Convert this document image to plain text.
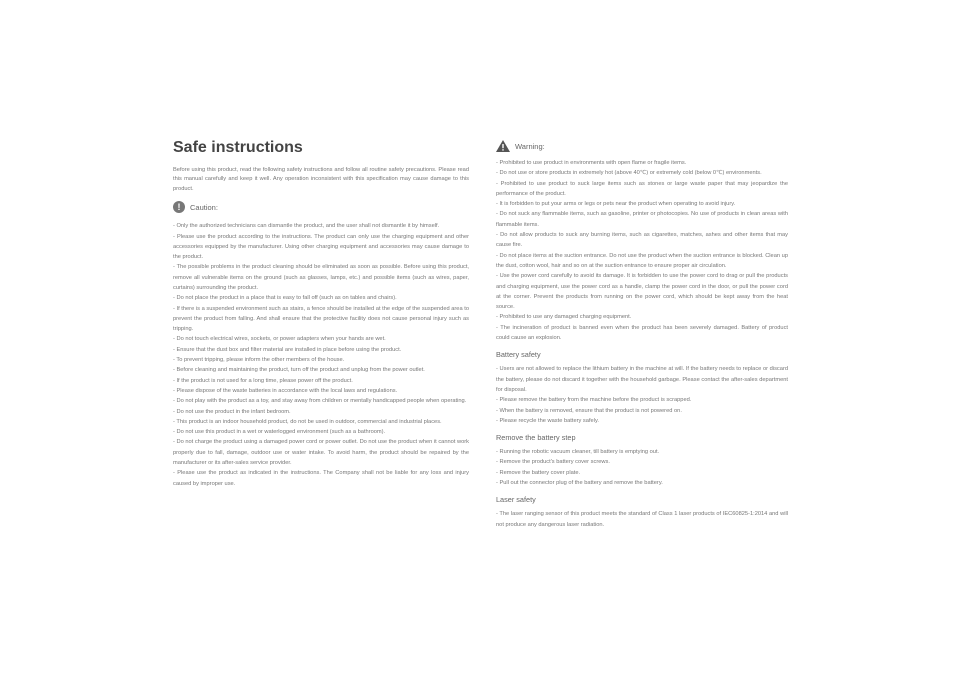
Safe instructions

Before using this product, read the following safety instructions and follow all routine safety precautions. Please read this manual carefully and keep it well. Any operation inconsistent with this specification may cause damage to this product.

!	Caution:
- Only the authorized technicians can dismantle the product, and the user shall not dismantle it by himself.
- Please use the product according to the instructions. The product can only use the charging equipment and other accessories equipped by the manufacturer. Using other charging equipment and accessories may cause damage to the product.
- The possible problems in the product cleaning should be eliminated as soon as possible. Before using this product, remove all vulnerable items on the ground (such as glasses, lamps, etc.) and possible items (such as wires, paper, curtains) surrounding the product.
- Do not place the product in a place that is easy to fall off (such as on tables and chairs).
- If there is a suspended environment such as stairs, a fence should be installed at the edge of the suspended area to prevent the product from falling. And shall ensure that the protective facility does not cause personal injury such as tripping.
- Do not touch electrical wires, sockets, or power adapters when your hands are wet.
- Ensure that the dust box and filter material are installed in place before using the product.
- To prevent tripping, please inform the other members of the house.
- Before cleaning and maintaining the product, turn off the product and unplug from the power outlet.
- If the product is not used for a long time, please power off the product.
- Please dispose of the waste batteries in accordance with the local laws and regulations.
- Do not play with the product as a toy, and stay away from children or mentally handicapped people when operating.
- Do not use the product in the infant bedroom.
- This product is an indoor household product, do not be used in outdoor, commercial and industrial places.
- Do not use this product in a wet or waterlogged environment (such as a bathroom).
- Do not charge the product using a damaged power cord or power outlet. Do not use the product when it cannot work properly due to fall, damage, outdoor use or water intake. To avoid harm, the product should be repaired by the manufacturer or its after-sales service provider.
- Please use the product as indicated in the instructions. The Company shall not be liable for any loss and injury caused by improper use.
Warning:
- Prohibited to use product in environments with open flame or fragile items.
- Do not use or store products in extremely hot (above 40℃) or extremely cold (below 0℃) environments.
- Prohibited to use product to suck large items such as stones or large waste paper that may jeopardize the performance of the product.
- It is forbidden to put your arms or legs or pets near the product when operating to avoid injury.
- Do not suck any flammable items, such as gasoline, printer or photocopies. No use of products in clean areas with flammable items.
- Do not allow products to suck any burning items, such as cigarettes, matches, ashes and other items that may cause fire.
- Do not place items at the suction entrance. Do not use the product when the suction entrance is blocked. Clean up the dust, cotton wool, hair and so on at the suction entrance to ensure proper air circulation.
- Use the power cord carefully to avoid its damage. It is forbidden to use the power cord to drag or pull the products and charging equipment, use the power cord as a handle, clamp the power cord in the door, or pull the power cord at the corner. Prevent the products from running on the power cord, which should be kept away from the heat source.
- Prohibited to use any damaged charging equipment.
- The incineration of product is banned even when the product has been severely damaged. Battery of product could cause an explosion.
Battery safety
- Users are not allowed to replace the lithium battery in the machine at will. If the battery needs to replace or discard the battery, please do not discard it together with the household garbage. Please contact the after-sales department for disposal.
- Please remove the battery from the machine before the product is scrapped.
- When the battery is removed, ensure that the product is not powered on.
- Please recycle the waste battery safely.
Remove the battery step
- Running the robotic vacuum cleaner, till battery is emptying out.
- Remove the product's battery cover screws.
- Remove the battery cover plate.
- Pull out the connector plug of the battery and remove the battery.
Laser safety
- The laser ranging sensor of this product meets the standard of Class 1 laser products of IEC60825-1:2014 and will not produce any dangerous laser radiation.
